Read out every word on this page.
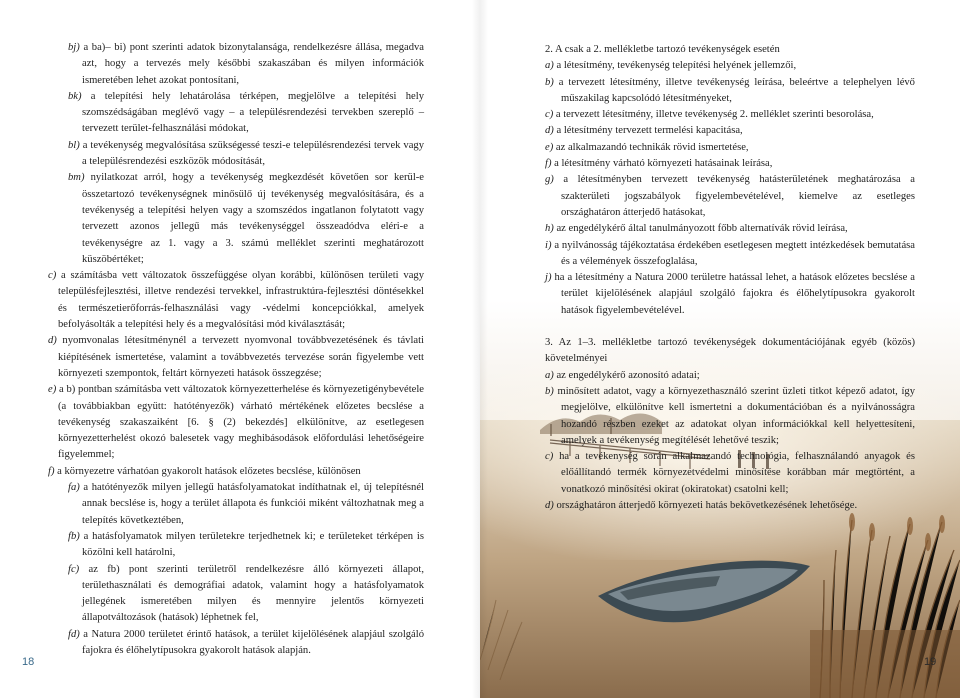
bj) a ba)– bi) pont szerinti adatok bizonytalansága, rendelkezésre állása, megadva azt, hogy a tervezés mely későbbi szakaszában és milyen információk ismeretében lehet azokat pontosítani,

bk) a telepítési hely lehatárolása térképen, megjelölve a telepítési hely szomszédságában meglévő vagy – a településrendezési tervekben szereplő – tervezett terület-felhasználási módokat,

bl) a tevékenység megvalósítása szükségessé teszi-e településrendezési tervek vagy a településrendezési eszközök módosítását,

bm) nyilatkozat arról, hogy a tevékenység megkezdését követően sor kerül-e összetartozó tevékenységnek minősülő új tevékenység megvalósítására, és a tevékenység a telepítési helyen vagy a szomszédos ingatlanon folytatott vagy tervezett azonos jellegű más tevékenységgel összeadódva eléri-e a tevékenységre az 1. vagy a 3. számú melléklet szerinti meghatározott küszöbértéket;

c) a számításba vett változatok összefüggése olyan korábbi, különösen területi vagy településfejlesztési, illetve rendezési tervekkel, infrastruktúra-fejlesztési döntésekkel és természetierőforrás-felhasználási vagy -védelmi koncepciókkal, amelyek befolyásolták a telepítési hely és a megvalósítási mód kiválasztását;

d) nyomvonalas létesítménynél a tervezett nyomvonal továbbvezetésének és távlati kiépítésének ismertetése, valamint a továbbvezetés tervezése során figyelembe vett környezeti szempontok, feltárt környezeti hatások összegzése;

e) a b) pontban számításba vett változatok környezetterhelése és környezetigénybevétele (a továbbiakban együtt: hatótényezők) várható mértékének előzetes becslése a tevékenység szakaszaiként [6. § (2) bekezdés] elkülönítve, az esetlegesen környezetterhelést okozó balesetek vagy meghibásodások előfordulási lehetőségeire figyelemmel;

f) a környezetre várhatóan gyakorolt hatások előzetes becslése, különösen

fa) a hatótényezők milyen jellegű hatásfolyamatokat indíthatnak el, új telepítésnél annak becslése is, hogy a terület állapota és funkciói miként változhatnak meg a telepítés következtében,

fb) a hatásfolyamatok milyen területekre terjedhetnek ki; e területeket térképen is közölni kell határolni,

fc) az fb) pont szerinti területről rendelkezésre álló környezeti állapot, területhasználati és demográfiai adatok, valamint hogy a hatásfolyamatok jellegének ismeretében milyen és mennyire jelentős környezeti állapotváltozások (hatások) léphetnek fel,

fd) a Natura 2000 területet érintő hatások, a terület kijelölésének alapjául szolgáló fajokra és élőhelytípusokra gyakorolt hatások alapján.

2. A csak a 2. mellékletbe tartozó tevékenységek esetén

a) a létesítmény, tevékenység telepítési helyének jellemzői,

b) a tervezett létesítmény, illetve tevékenység leírása, beleértve a telephelyen lévő műszakilag kapcsolódó létesítményeket,

c) a tervezett létesítmény, illetve tevékenység 2. melléklet szerinti besorolása,

d) a létesítmény tervezett termelési kapacitása,

e) az alkalmazandó technikák rövid ismertetése,

f) a létesítmény várható környezeti hatásainak leírása,

g) a létesítményben tervezett tevékenység hatásterületének meghatározása a szakterületi jogszabályok figyelembevételével, kiemelve az esetleges országhatáron átterjedő hatásokat,

h) az engedélykérő által tanulmányozott főbb alternatívák rövid leírása,

i) a nyilvánosság tájékoztatása érdekében esetlegesen megtett intézkedések bemutatása és a vélemények összefoglalása,

j) ha a létesítmény a Natura 2000 területre hatással lehet, a hatások előzetes becslése a terület kijelölésének alapjául szolgáló fajokra és élőhelytípusokra gyakorolt hatások figyelembevételével.

3. Az 1–3. mellékletbe tartozó tevékenységek dokumentációjának egyéb (közös) követelményei

a) az engedélykérő azonosító adatai;

b) minősített adatot, vagy a környezethasználó szerint üzleti titkot képező adatot, így megjelölve, elkülönítve kell ismertetni a dokumentációban és a nyilvánosságra hozandó részben ezeket az adatokat olyan információkkal kell helyettesíteni, amelyek a tevékenység megítélését lehetővé teszik;

c) ha a tevékenység során alkalmazandó technológia, felhasználandó anyagok és előállítandó termék környezetvédelmi minősítése korábban már megtörtént, a vonatkozó minősítési okirat (okiratokat) csatolni kell;

d) országhatáron átterjedő környezeti hatás bekövetkezésének lehetősége.

18	19
